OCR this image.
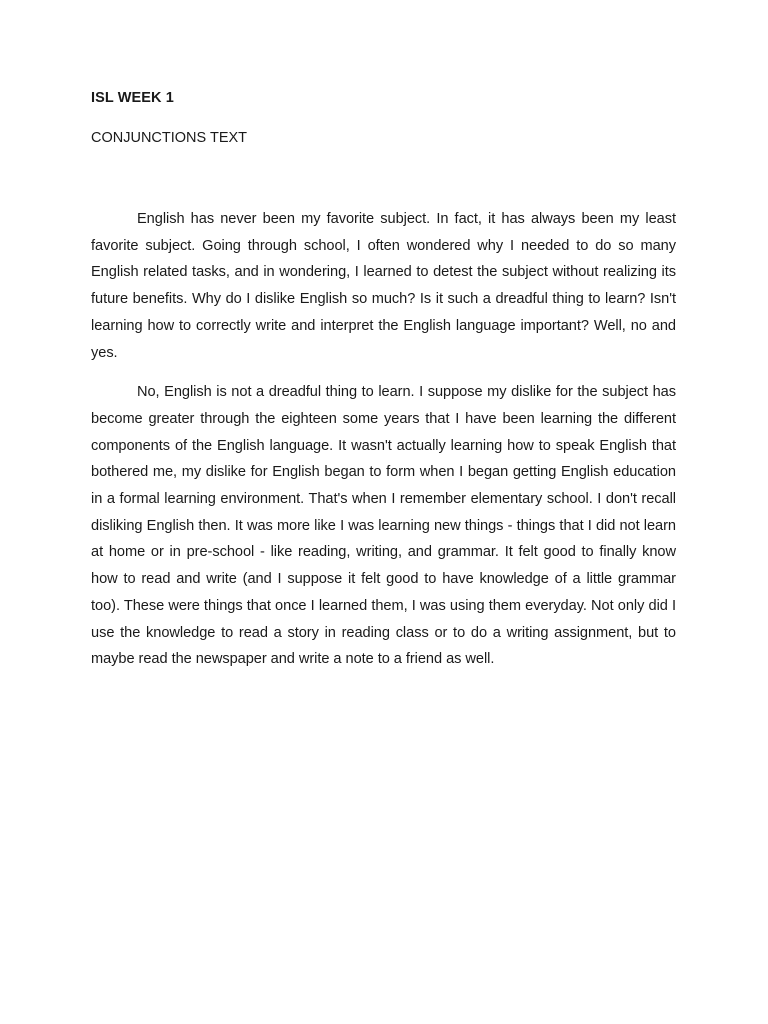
ISL WEEK 1
CONJUNCTIONS TEXT

English has never been my favorite subject. In fact, it has always been my least favorite subject. Going through school, I often wondered why I needed to do so many English related tasks, and in wondering, I learned to detest the subject without realizing its future benefits. Why do I dislike English so much? Is it such a dreadful thing to learn? Isn't learning how to correctly write and interpret the English language important? Well, no and yes.

No, English is not a dreadful thing to learn. I suppose my dislike for the subject has become greater through the eighteen some years that I have been learning the different components of the English language. It wasn't actually learning how to speak English that bothered me, my dislike for English began to form when I began getting English education in a formal learning environment. That's when I remember elementary school. I don't recall disliking English then. It was more like I was learning new things - things that I did not learn at home or in pre-school - like reading, writing, and grammar. It felt good to finally know how to read and write (and I suppose it felt good to have knowledge of a little grammar too). These were things that once I learned them, I was using them everyday. Not only did I use the knowledge to read a story in reading class or to do a writing assignment, but to maybe read the newspaper and write a note to a friend as well.
